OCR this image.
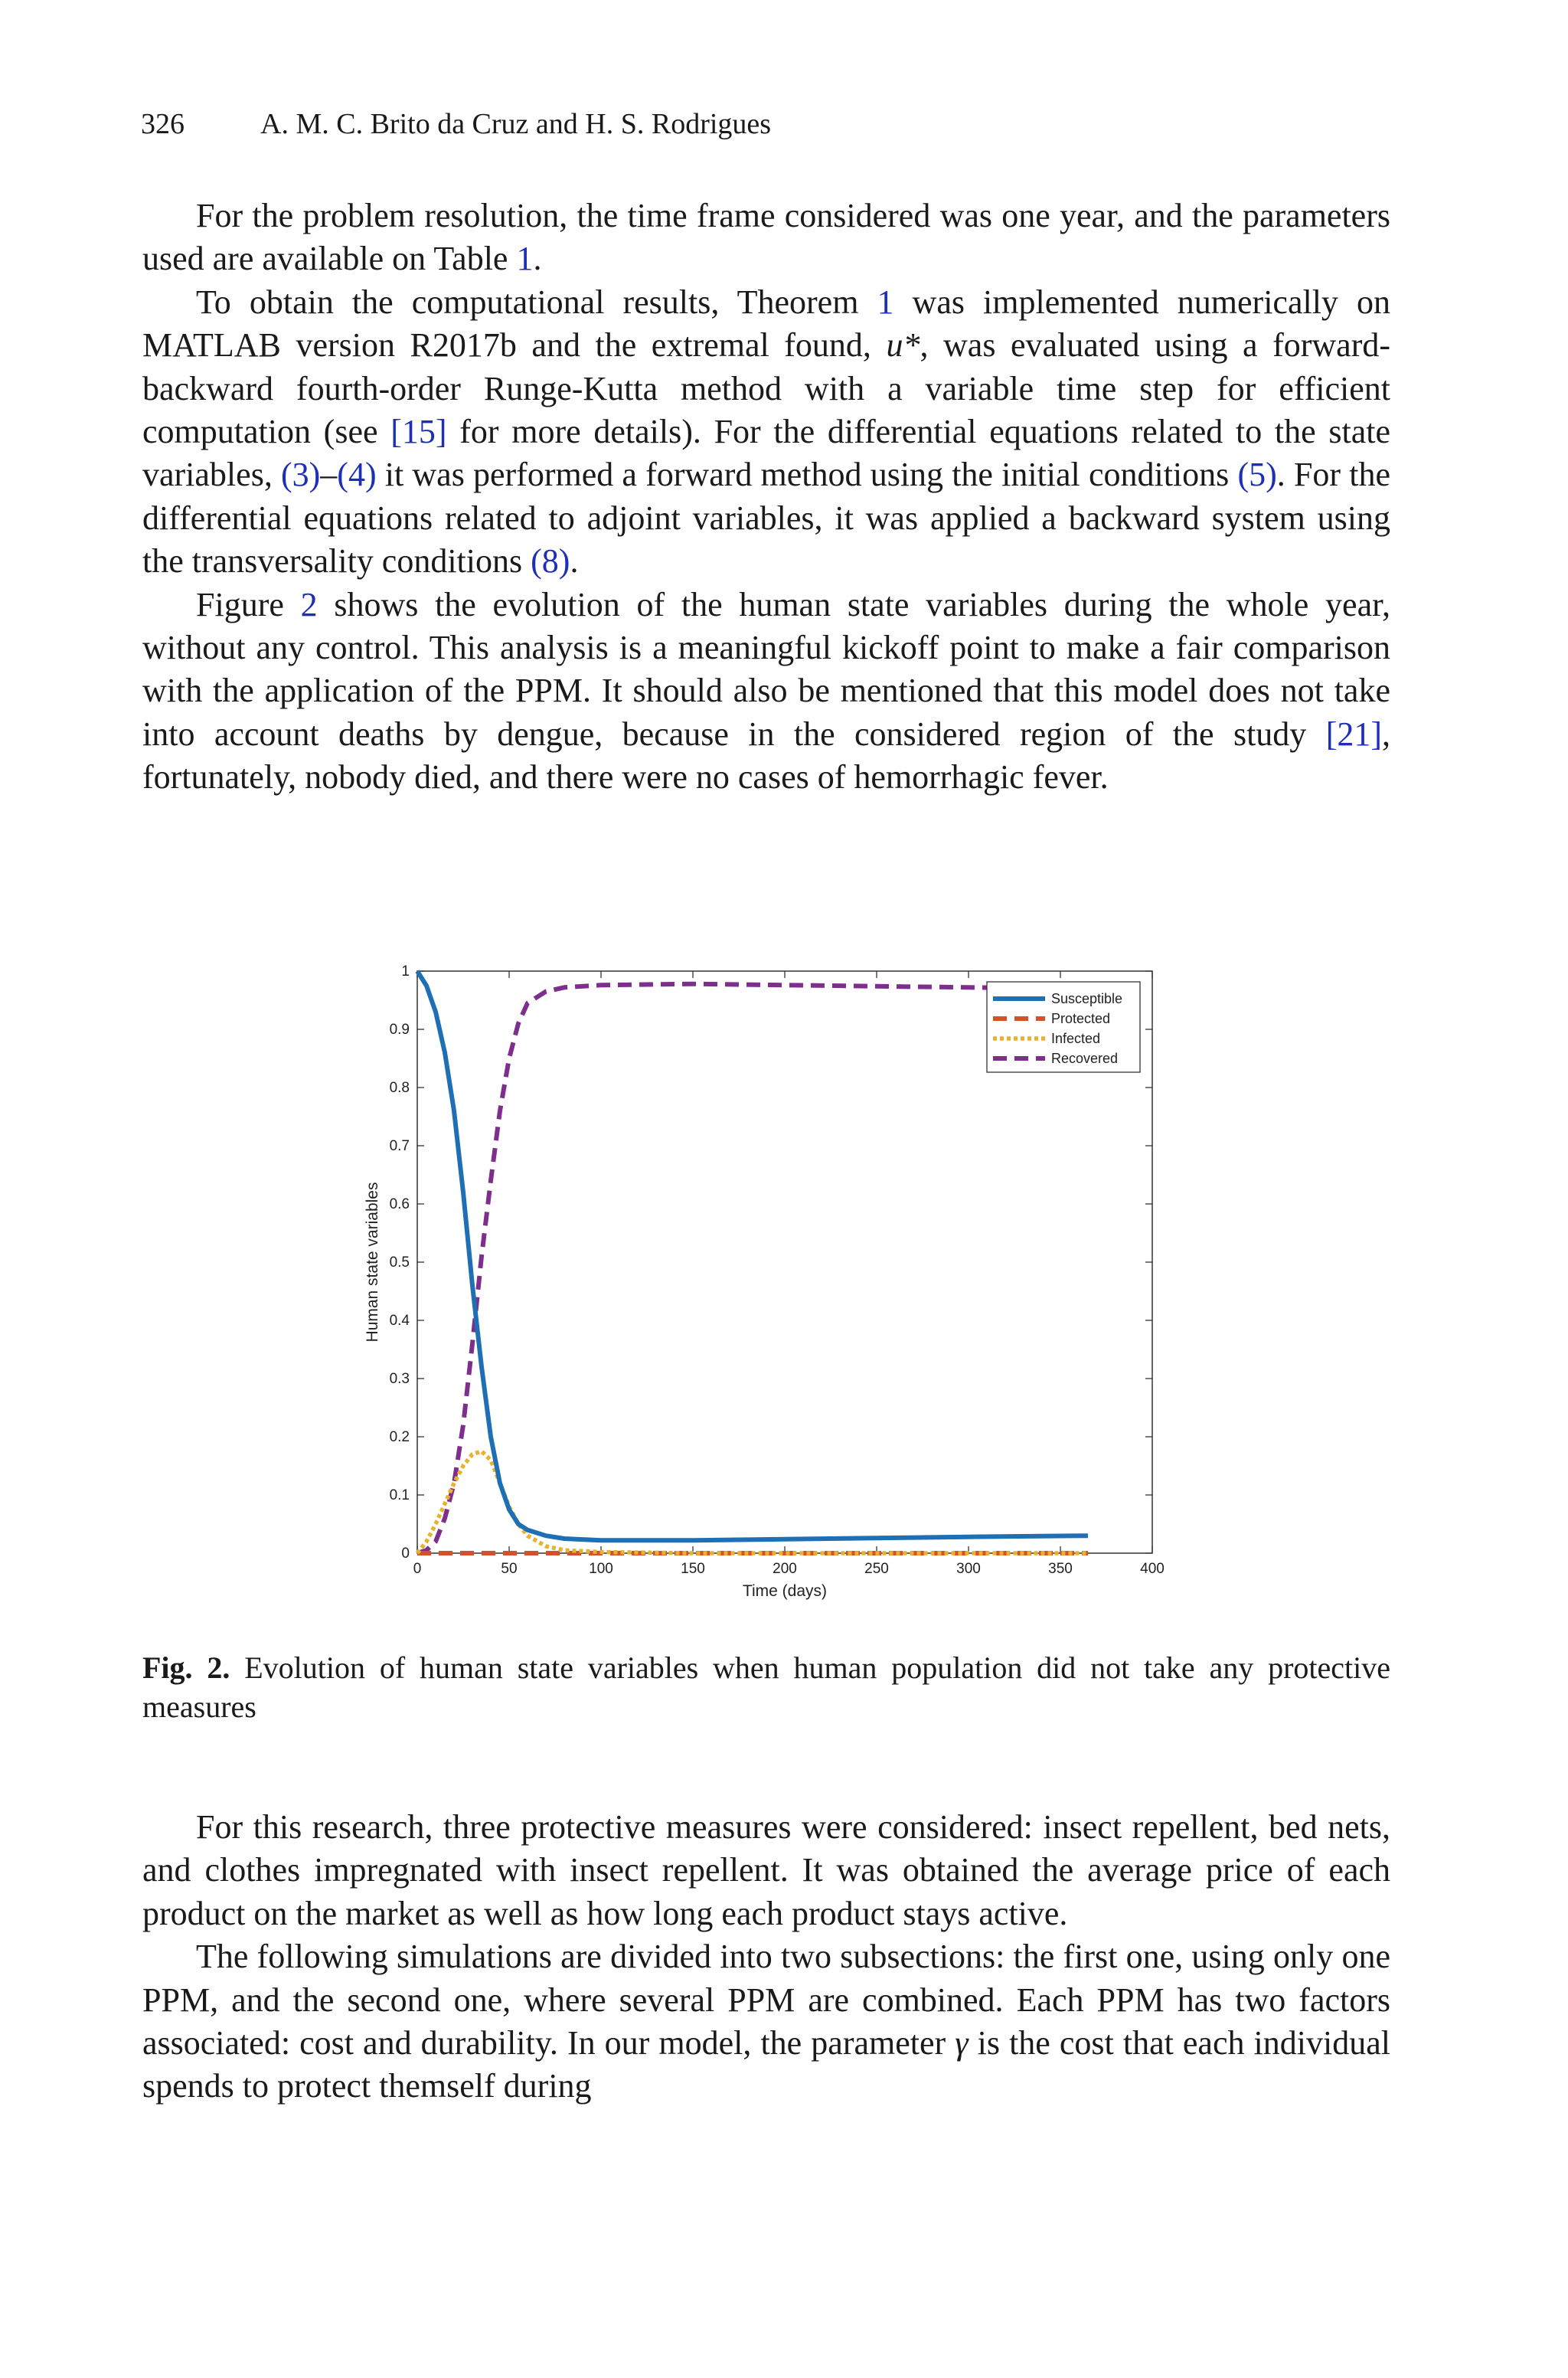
326	A. M. C. Brito da Cruz and H. S. Rodrigues

For the problem resolution, the time frame considered was one year, and the parameters used are available on Table 1.

To obtain the computational results, Theorem 1 was implemented numerically on MATLAB version R2017b and the extremal found, u*, was evaluated using a forward-backward fourth-order Runge-Kutta method with a variable time step for efficient computation (see [15] for more details). For the differential equations related to the state variables, (3)–(4) it was performed a forward method using the initial conditions (5). For the differential equations related to adjoint variables, it was applied a backward system using the transversality conditions (8).

Figure 2 shows the evolution of the human state variables during the whole year, without any control. This analysis is a meaningful kickoff point to make a fair comparison with the application of the PPM. It should also be mentioned that this model does not take into account deaths by dengue, because in the considered region of the study [21], fortunately, nobody died, and there were no cases of hemorrhagic fever.

0	50	100	150	200	250	300	350	400
0
0.1
0.2
0.3
0.4
0.5
0.6
0.7
0.8
0.9
1
Time (days)
Human state variables
Susceptible
Protected
Infected
Recovered
Fig. 2. Evolution of human state variables when human population did not take any protective measures

For this research, three protective measures were considered: insect repellent, bed nets, and clothes impregnated with insect repellent. It was obtained the average price of each product on the market as well as how long each product stays active.

The following simulations are divided into two subsections: the first one, using only one PPM, and the second one, where several PPM are combined. Each PPM has two factors associated: cost and durability. In our model, the parameter γ is the cost that each individual spends to protect themself during
